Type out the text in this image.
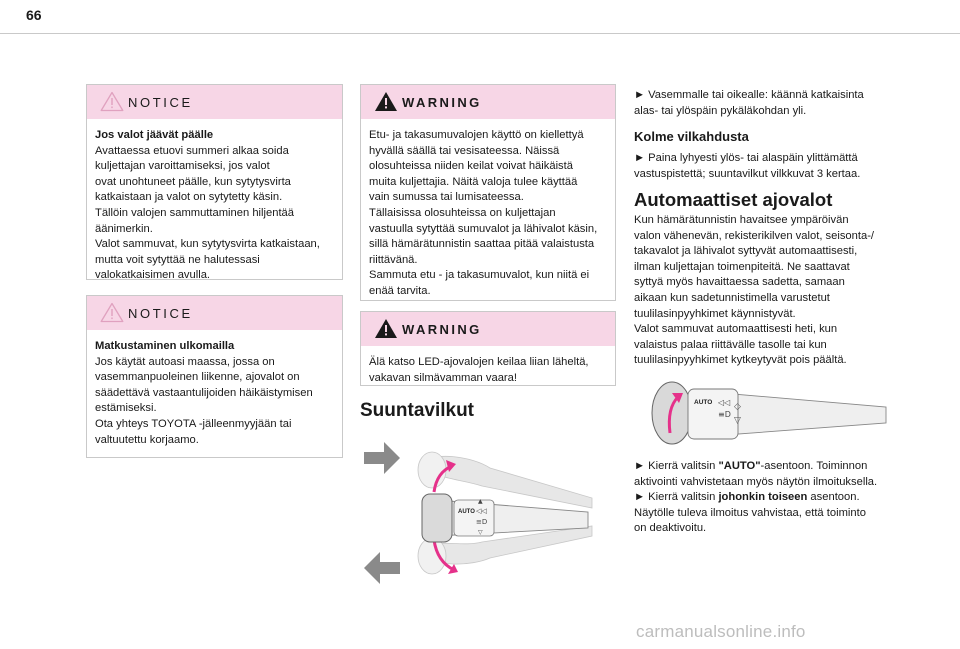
66
NOTICE

Jos valot jäävät päälle

Avattaessa etuovi summeri alkaa soida

kuljettajan varoittamiseksi, jos valot

ovat unohtuneet päälle, kun sytytysvirta

katkaistaan ja valot on sytytetty käsin.

Tällöin valojen sammuttaminen hiljentää

äänimerkin.

Valot sammuvat, kun sytytysvirta katkaistaan,

mutta voit sytyttää ne halutessasi

valokatkaisimen avulla.

NOTICE

Matkustaminen ulkomailla

Jos käytät autoasi maassa, jossa on

vasemmanpuoleinen liikenne, ajovalot on

säädettävä vastaantulijoiden häikäistymisen

estämiseksi.

Ota yhteys TOYOTA -jälleenmyyjään tai

valtuutettu korjaamo.

WARNING

Etu- ja takasumuvalojen käyttö on kiellettyä

hyvällä säällä tai vesisateessa. Näissä

olosuhteissa niiden keilat voivat häikäistä

muita kuljettajia. Näitä valoja tulee käyttää

vain sumussa tai lumisateessa.

Tällaisissa olosuhteissa on kuljettajan

vastuulla sytyttää sumuvalot ja lähivalot käsin,

sillä hämärätunnistin saattaa pitää valaistusta

riittävänä.

Sammuta etu - ja takasumuvalot, kun niitä ei

enää tarvita.

WARNING

Älä katso LED-ajovalojen keilaa liian läheltä,

vakavan silmävamman vaara!

Suuntavilkut
AUTO ◁◁
≡D
▲
▽

► Vasemmalle tai oikealle: käännä katkaisinta

alas- tai ylöspäin pykäläkohdan yli.

Kolme vilkahdusta

► Paina lyhyesti ylös- tai alaspäin ylittämättä

vastuspistettä; suuntavilkut vilkkuvat 3 kertaa.

Automaattiset ajovalot

Kun hämärätunnistin havaitsee ympäröivän

valon vähenevän, rekisterikilven valot, seisonta-/

takavalot ja lähivalot syttyvät automaattisesti,

ilman kuljettajan toimenpiteitä. Ne saattavat

syttyä myös havaittaessa sadetta, samaan

aikaan kun sadetunnistimella varustetut

tuulilasinpyyhkimet käynnistyvät.

Valot sammuvat automaattisesti heti, kun

valaistus palaa riittävälle tasolle tai kun

tuulilasinpyyhkimet kytkeytyvät pois päältä.

AUTO ◁◁
≡D
◇
▽

► Kierrä valitsin "AUTO"-asentoon. Toiminnon

aktivointi vahvistetaan myös näytön ilmoituksella.

► Kierrä valitsin johonkin toiseen asentoon.

Näytölle tuleva ilmoitus vahvistaa, että toiminto

on deaktivoitu.

carmanualsonline.info
